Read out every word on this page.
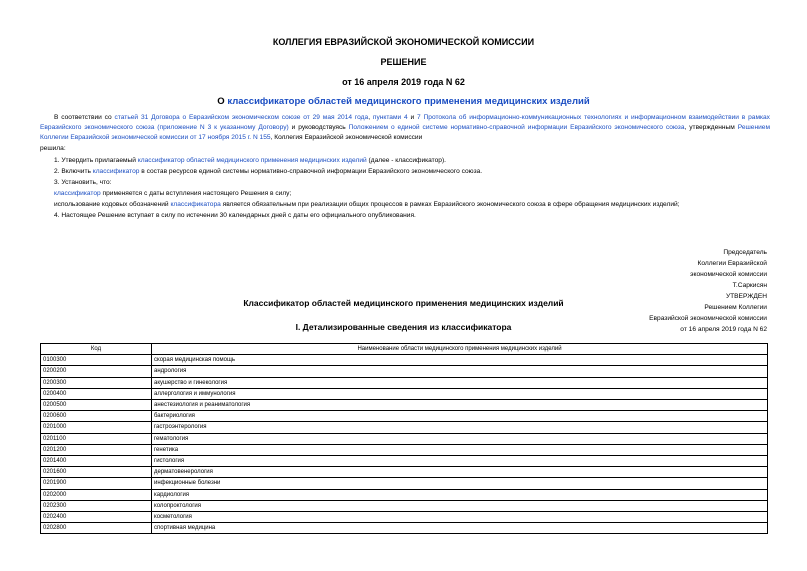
КОЛЛЕГИЯ ЕВРАЗИЙСКОЙ ЭКОНОМИЧЕСКОЙ КОМИССИИ
РЕШЕНИЕ
от 16 апреля 2019 года N 62
О классификаторе областей медицинского применения медицинских изделий
В соответствии со статьей 31 Договора о Евразийском экономическом союзе от 29 мая 2014 года, пунктами 4 и 7 Протокола об информационно-коммуникационных технологиях и информационном взаимодействии в рамках Евразийского экономического союза (приложение N 3 к указанному Договору) и руководствуясь Положением о единой системе нормативно-справочной информации Евразийского экономического союза, утвержденным Решением Коллегии Евразийской экономической комиссии от 17 ноября 2015 г. N 155, Коллегия Евразийской экономической комиссии
решила:
1. Утвердить прилагаемый классификатор областей медицинского применения медицинских изделий (далее - классификатор).
2. Включить классификатор в состав ресурсов единой системы нормативно-справочной информации Евразийского экономического союза.
3. Установить, что:
классификатор применяется с даты вступления настоящего Решения в силу;
использование кодовых обозначений классификатора является обязательным при реализации общих процессов в рамках Евразийского экономического союза в сфере обращения медицинских изделий;
4. Настоящее Решение вступает в силу по истечении 30 календарных дней с даты его официального опубликования.
Председатель
Коллегии Евразийской
экономической комиссии
Т.Саркисян
УТВЕРЖДЕН
Решением Коллегии
Евразийской экономической комиссии
от 16 апреля 2019 года N 62
Классификатор областей медицинского применения медицинских изделий
I. Детализированные сведения из классификатора
Код	Наименование области медицинского применения медицинских изделий
0100300	скорая медицинская помощь
0200200	андрология
0200300	акушерство и гинекология
0200400	аллергология и иммунология
0200500	анестезиология и реаниматология
0200600	бактериология
0201000	гастроэнтерология
0201100	гематология
0201200	генетика
0201400	гистология
0201600	дерматовенерология
0201900	инфекционные болезни
0202000	кардиология
0202300	колопроктология
0202400	косметология
0202800	спортивная медицина
